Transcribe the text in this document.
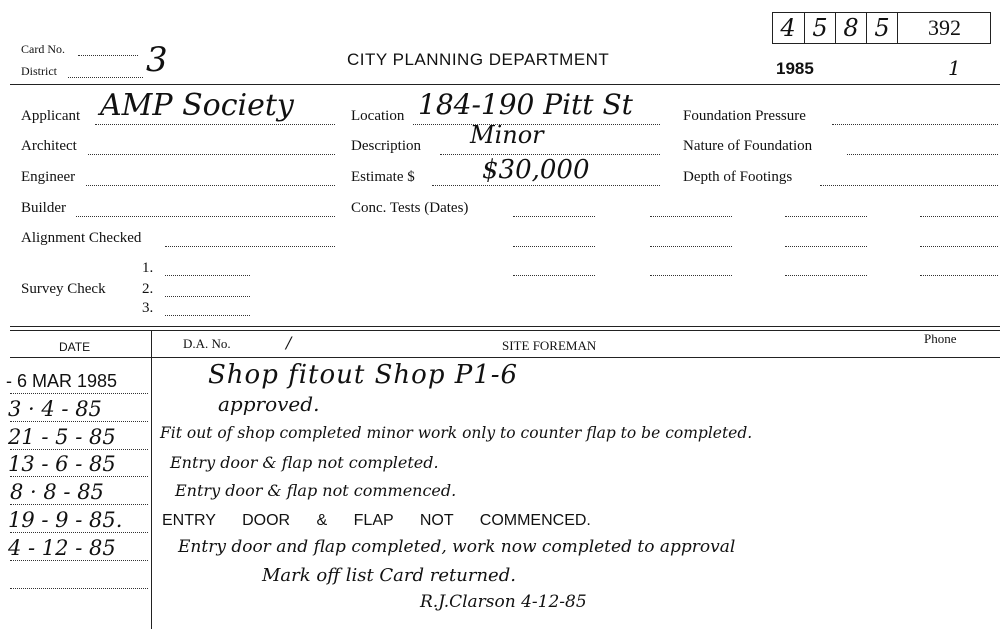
Card No.
District	3	CITY PLANNING DEPARTMENT
4 5 8 5	392
1985	1
Applicant AMP Society
Architect
Engineer
Builder
Alignment Checked
Survey Check
1.
2.
3.
Location 184-190 Pitt St
Description Minor
Estimate $	$30,000
Conc. Tests (Dates)
Foundation Pressure
Nature of Foundation
Depth of Footings
DATE	D.A. No.	/	SITE FOREMAN	Phone
- 6 MAR 1985	Shop fitout Shop P1-6
3 · 4 - 85	approved.
21 - 5 - 85	Fit out of shop completed minor work only to counter flap to be completed.
13 - 6 - 85	Entry door & flap not completed.
8 · 8 - 85	Entry door & flap not commenced.
19 - 9 - 85. ENTRY DOOR & FLAP NOT COMMENCED.
4 - 12 - 85	Entry door and flap completed, work now completed to approval
Mark off list Card returned.
R.J.Clarson 4-12-85
